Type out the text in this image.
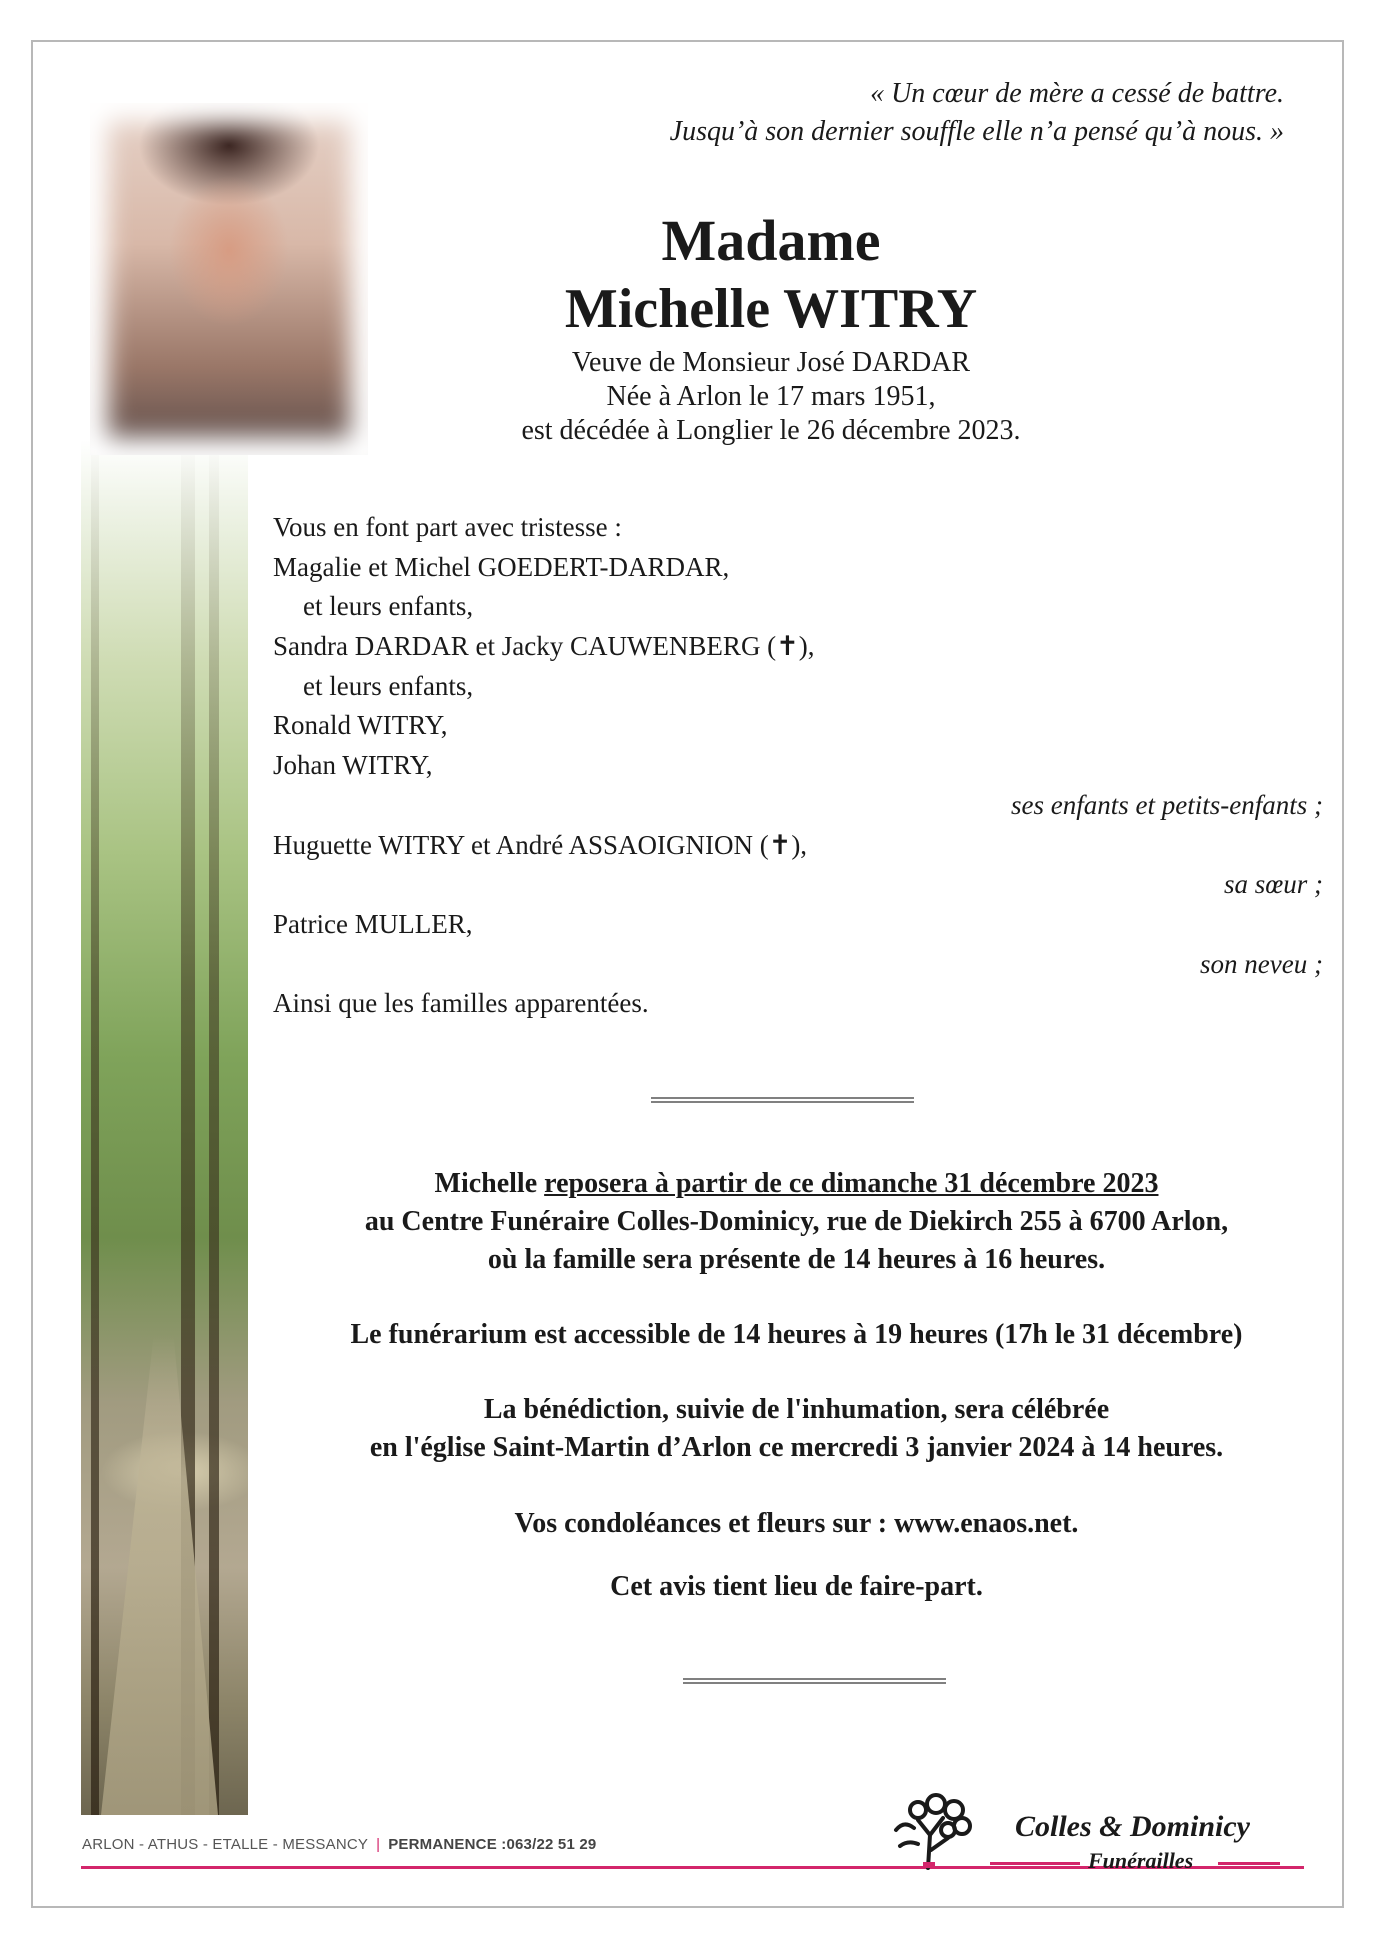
« Un cœur de mère a cessé de battre.
Jusqu’à son dernier souffle elle n’a pensé qu’à nous. »
Madame
Michelle WITRY
Veuve de Monsieur José DARDAR
Née à Arlon le 17 mars 1951,
est décédée à Longlier le 26 décembre 2023.
Vous en font part avec tristesse :
Magalie et Michel GOEDERT-DARDAR,
et leurs enfants,
Sandra DARDAR et Jacky CAUWENBERG (✝),
et leurs enfants,
Ronald WITRY,
Johan WITRY,
ses enfants et petits-enfants ;
Huguette WITRY et André ASSAOIGNION (✝),
sa sœur ;
Patrice MULLER,
son neveu ;
Ainsi que les familles apparentées.
Michelle reposera à partir de ce dimanche 31 décembre 2023
au Centre Funéraire Colles-Dominicy, rue de Diekirch 255 à 6700 Arlon,
où la famille sera présente de 14 heures à 16 heures.
Le funérarium est accessible de 14 heures à 19 heures (17h le 31 décembre)
La bénédiction, suivie de l'inhumation, sera célébrée
en l'église Saint-Martin d’Arlon ce mercredi 3 janvier 2024 à 14 heures.
Vos condoléances et fleurs sur : www.enaos.net.
Cet avis tient lieu de faire-part.
ARLON - ATHUS - ETALLE - MESSANCY | PERMANENCE :063/22 51 29
Colles & Dominicy
Funérailles
